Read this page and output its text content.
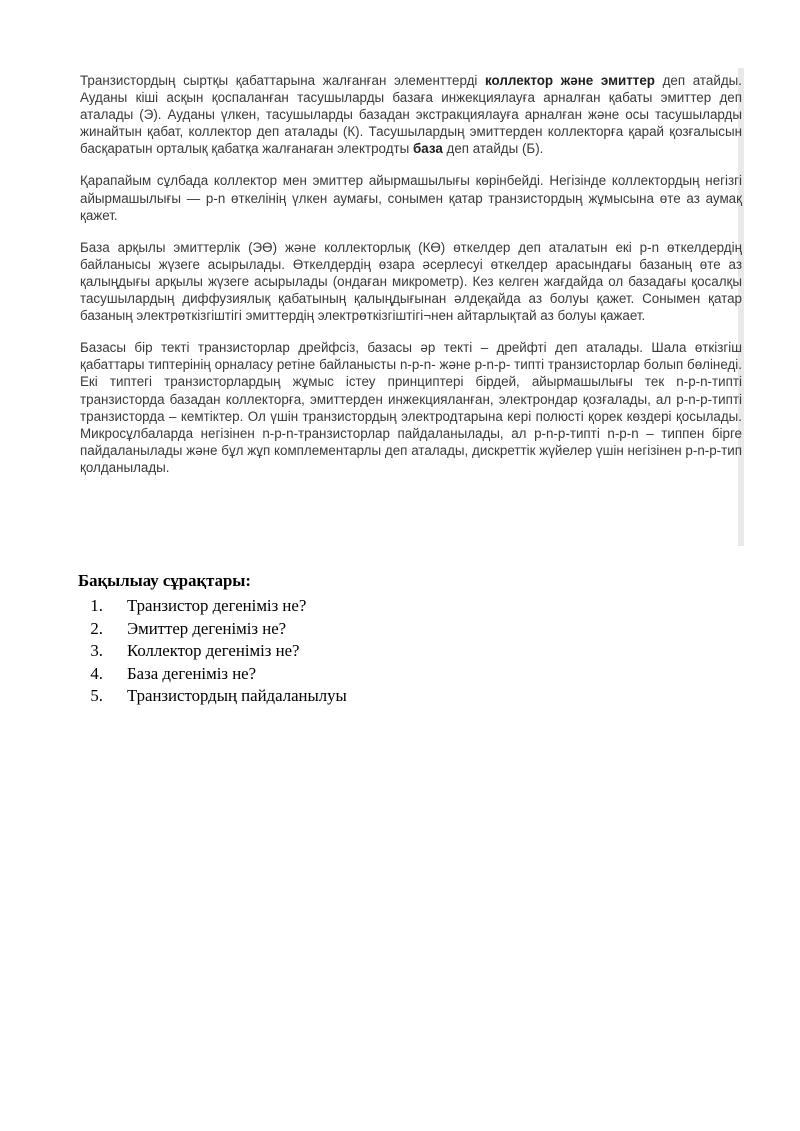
Транзистордың сыртқы қабаттарына жалғанған элементтерді коллектор және эмиттер деп атайды. Ауданы кіші асқын қоспаланған тасушыларды базаға инжекциялауға арналған қабаты эмиттер деп аталады (Э). Ауданы үлкен, тасушыларды базадан экстракциялауға арналған және осы тасушыларды жинайтын қабат, коллектор деп аталады (К). Тасушылардың эмиттерден коллекторға қарай қозғалысын басқаратын орталық қабатқа жалғанаған электродты база деп атайды (Б).

Қарапайым сұлбада коллектор мен эмиттер айырмашылығы көрінбейді. Негізінде коллектордың негізгі айырмашылығы — p-n өткелінің үлкен аумағы, сонымен қатар транзистордың жұмысына өте аз аумақ қажет.

База арқылы эмиттерлік (ЭӨ) және коллекторлық (КӨ) өткелдер деп аталатын екі p-n өткелдердің байланысы жүзеге асырылады. Өткелдердің өзара әсерлесуі өткелдер арасындағы базаның өте аз қалыңдығы арқылы жүзеге асырылады (ондаған микрометр). Кез келген жағдайда ол базадағы қосалқы тасушылардың диффузиялық қабатының қалыңдығынан әлдеқайда аз болуы қажет. Сонымен қатар базаның электрөткізгіштігі эмиттердің электрөткізгіштігі¬нен айтарлықтай аз болуы қажает.

Базасы бір текті транзисторлар дрейфсіз, базасы әр текті – дрейфті деп аталады. Шала өткізгіш қабаттары типтерінің орналасу ретіне байланысты n-p-n- және p-n-p- типті транзисторлар болып бөлінеді. Екі типтегі транзисторлардың жұмыс істеу принциптері бірдей, айырмашылығы тек n-p-n-типті транзисторда базадан коллекторға, эмиттерден инжекцияланған, электрондар қозғалады, ал p-n-p-типті транзисторда – кемтіктер. Ол үшін транзистордың электродтарына кері полюсті қорек көздері қосылады. Микросұлбаларда негізінен n-p-n-транзисторлар пайдаланылады, ал p-n-p-типті n-p-n – типпен бірге пайдаланылады және бұл жұп комплементарлы деп аталады, дискреттік жүйелер үшін негізінен p-n-p-тип қолданылады.

Бақылыау сұрақтары:
1. Транзистор дегеніміз не?
2. Эмиттер дегеніміз не?
3. Коллектор дегеніміз не?
4. База дегеніміз не?
5. Транзистордың пайдаланылуы
